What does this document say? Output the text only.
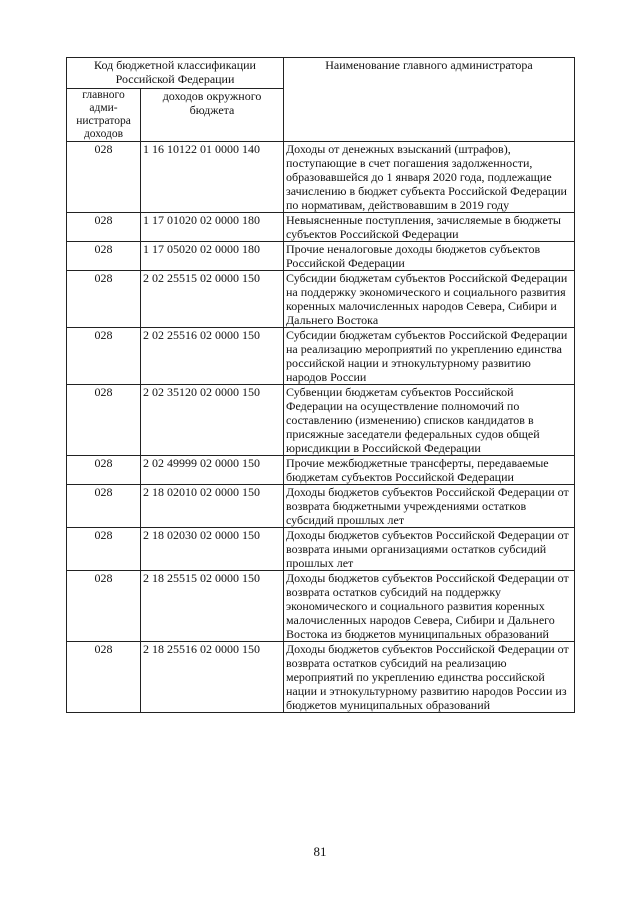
Код бюджетной классификации Российской Федерации		Наименование главного администратора
главного адми-нистратора доходов	доходов окружного бюджета	
028	1 16 10122 01 0000 140	Доходы от денежных взысканий (штрафов), поступающие в счет погашения задолженности, образовавшейся до 1 января 2020 года, подлежащие зачислению в бюджет субъекта Российской Федерации по нормативам, действовавшим в 2019 году
028	1 17 01020 02 0000 180	Невыясненные поступления, зачисляемые в бюджеты субъектов Российской Федерации
028	1 17 05020 02 0000 180	Прочие неналоговые доходы бюджетов субъектов Российской Федерации
028	2 02 25515 02 0000 150	Субсидии бюджетам субъектов Российской Федерации на поддержку экономического и социального развития коренных малочисленных народов Севера, Сибири и Дальнего Востока
028	2 02 25516 02 0000 150	Субсидии бюджетам субъектов Российской Федерации на реализацию мероприятий по укреплению единства российской нации и этнокультурному развитию народов России
028	2 02 35120 02 0000 150	Субвенции бюджетам субъектов Российской Федерации на осуществление полномочий по составлению (изменению) списков кандидатов в присяжные заседатели федеральных судов общей юрисдикции в Российской Федерации
028	2 02 49999 02 0000 150	Прочие межбюджетные трансферты, передаваемые бюджетам субъектов Российской Федерации
028	2 18 02010 02 0000 150	Доходы бюджетов субъектов Российской Федерации от возврата бюджетными учреждениями остатков субсидий прошлых лет
028	2 18 02030 02 0000 150	Доходы бюджетов субъектов Российской Федерации от возврата иными организациями остатков субсидий прошлых лет
028	2 18 25515 02 0000 150	Доходы бюджетов субъектов Российской Федерации от возврата остатков субсидий на поддержку экономического и социального развития коренных малочисленных народов Севера, Сибири и Дальнего Востока из бюджетов муниципальных образований
028	2 18 25516 02 0000 150	Доходы бюджетов субъектов Российской Федерации от возврата остатков субсидий на реализацию мероприятий по укреплению единства российской нации и этнокультурному развитию народов России из бюджетов муниципальных образований
81
